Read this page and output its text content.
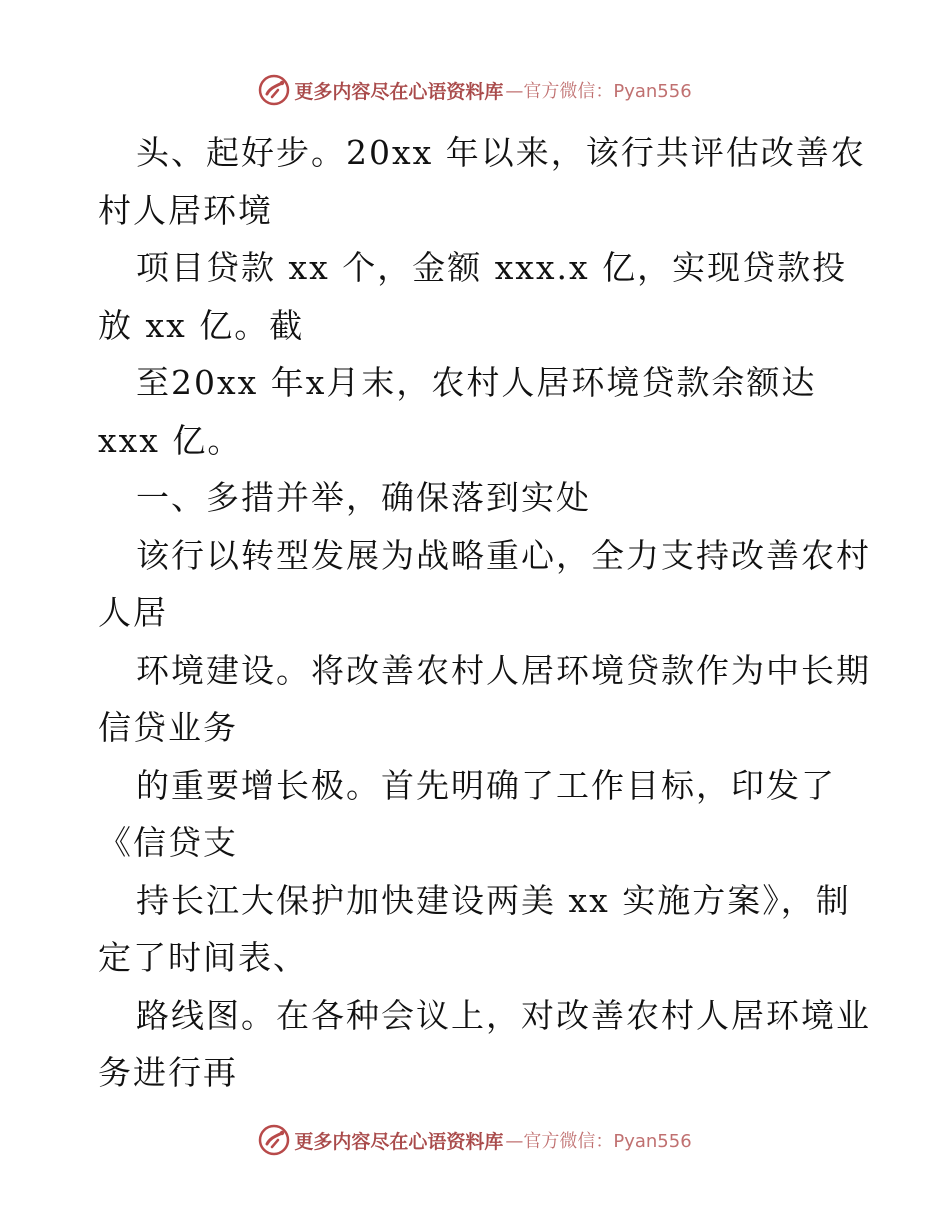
更多内容尽在心语资料库 —官方微信：Pyan556
头、起好步。20xx 年以来，该行共评估改善农
村人居环境
项目贷款 xx 个，金额 xxx.x 亿，实现贷款投
放 xx 亿。截
至20xx 年x月末，农村人居环境贷款余额达
xxx 亿。
一、多措并举，确保落到实处
该行以转型发展为战略重心，全力支持改善农村
人居
环境建设。将改善农村人居环境贷款作为中长期
信贷业务
的重要增长极。首先明确了工作目标，印发了
《信贷支
持长江大保护加快建设两美 xx 实施方案》，制
定了时间表、
路线图。在各种会议上，对改善农村人居环境业
务进行再
更多内容尽在心语资料库 —官方微信：Pyan556
